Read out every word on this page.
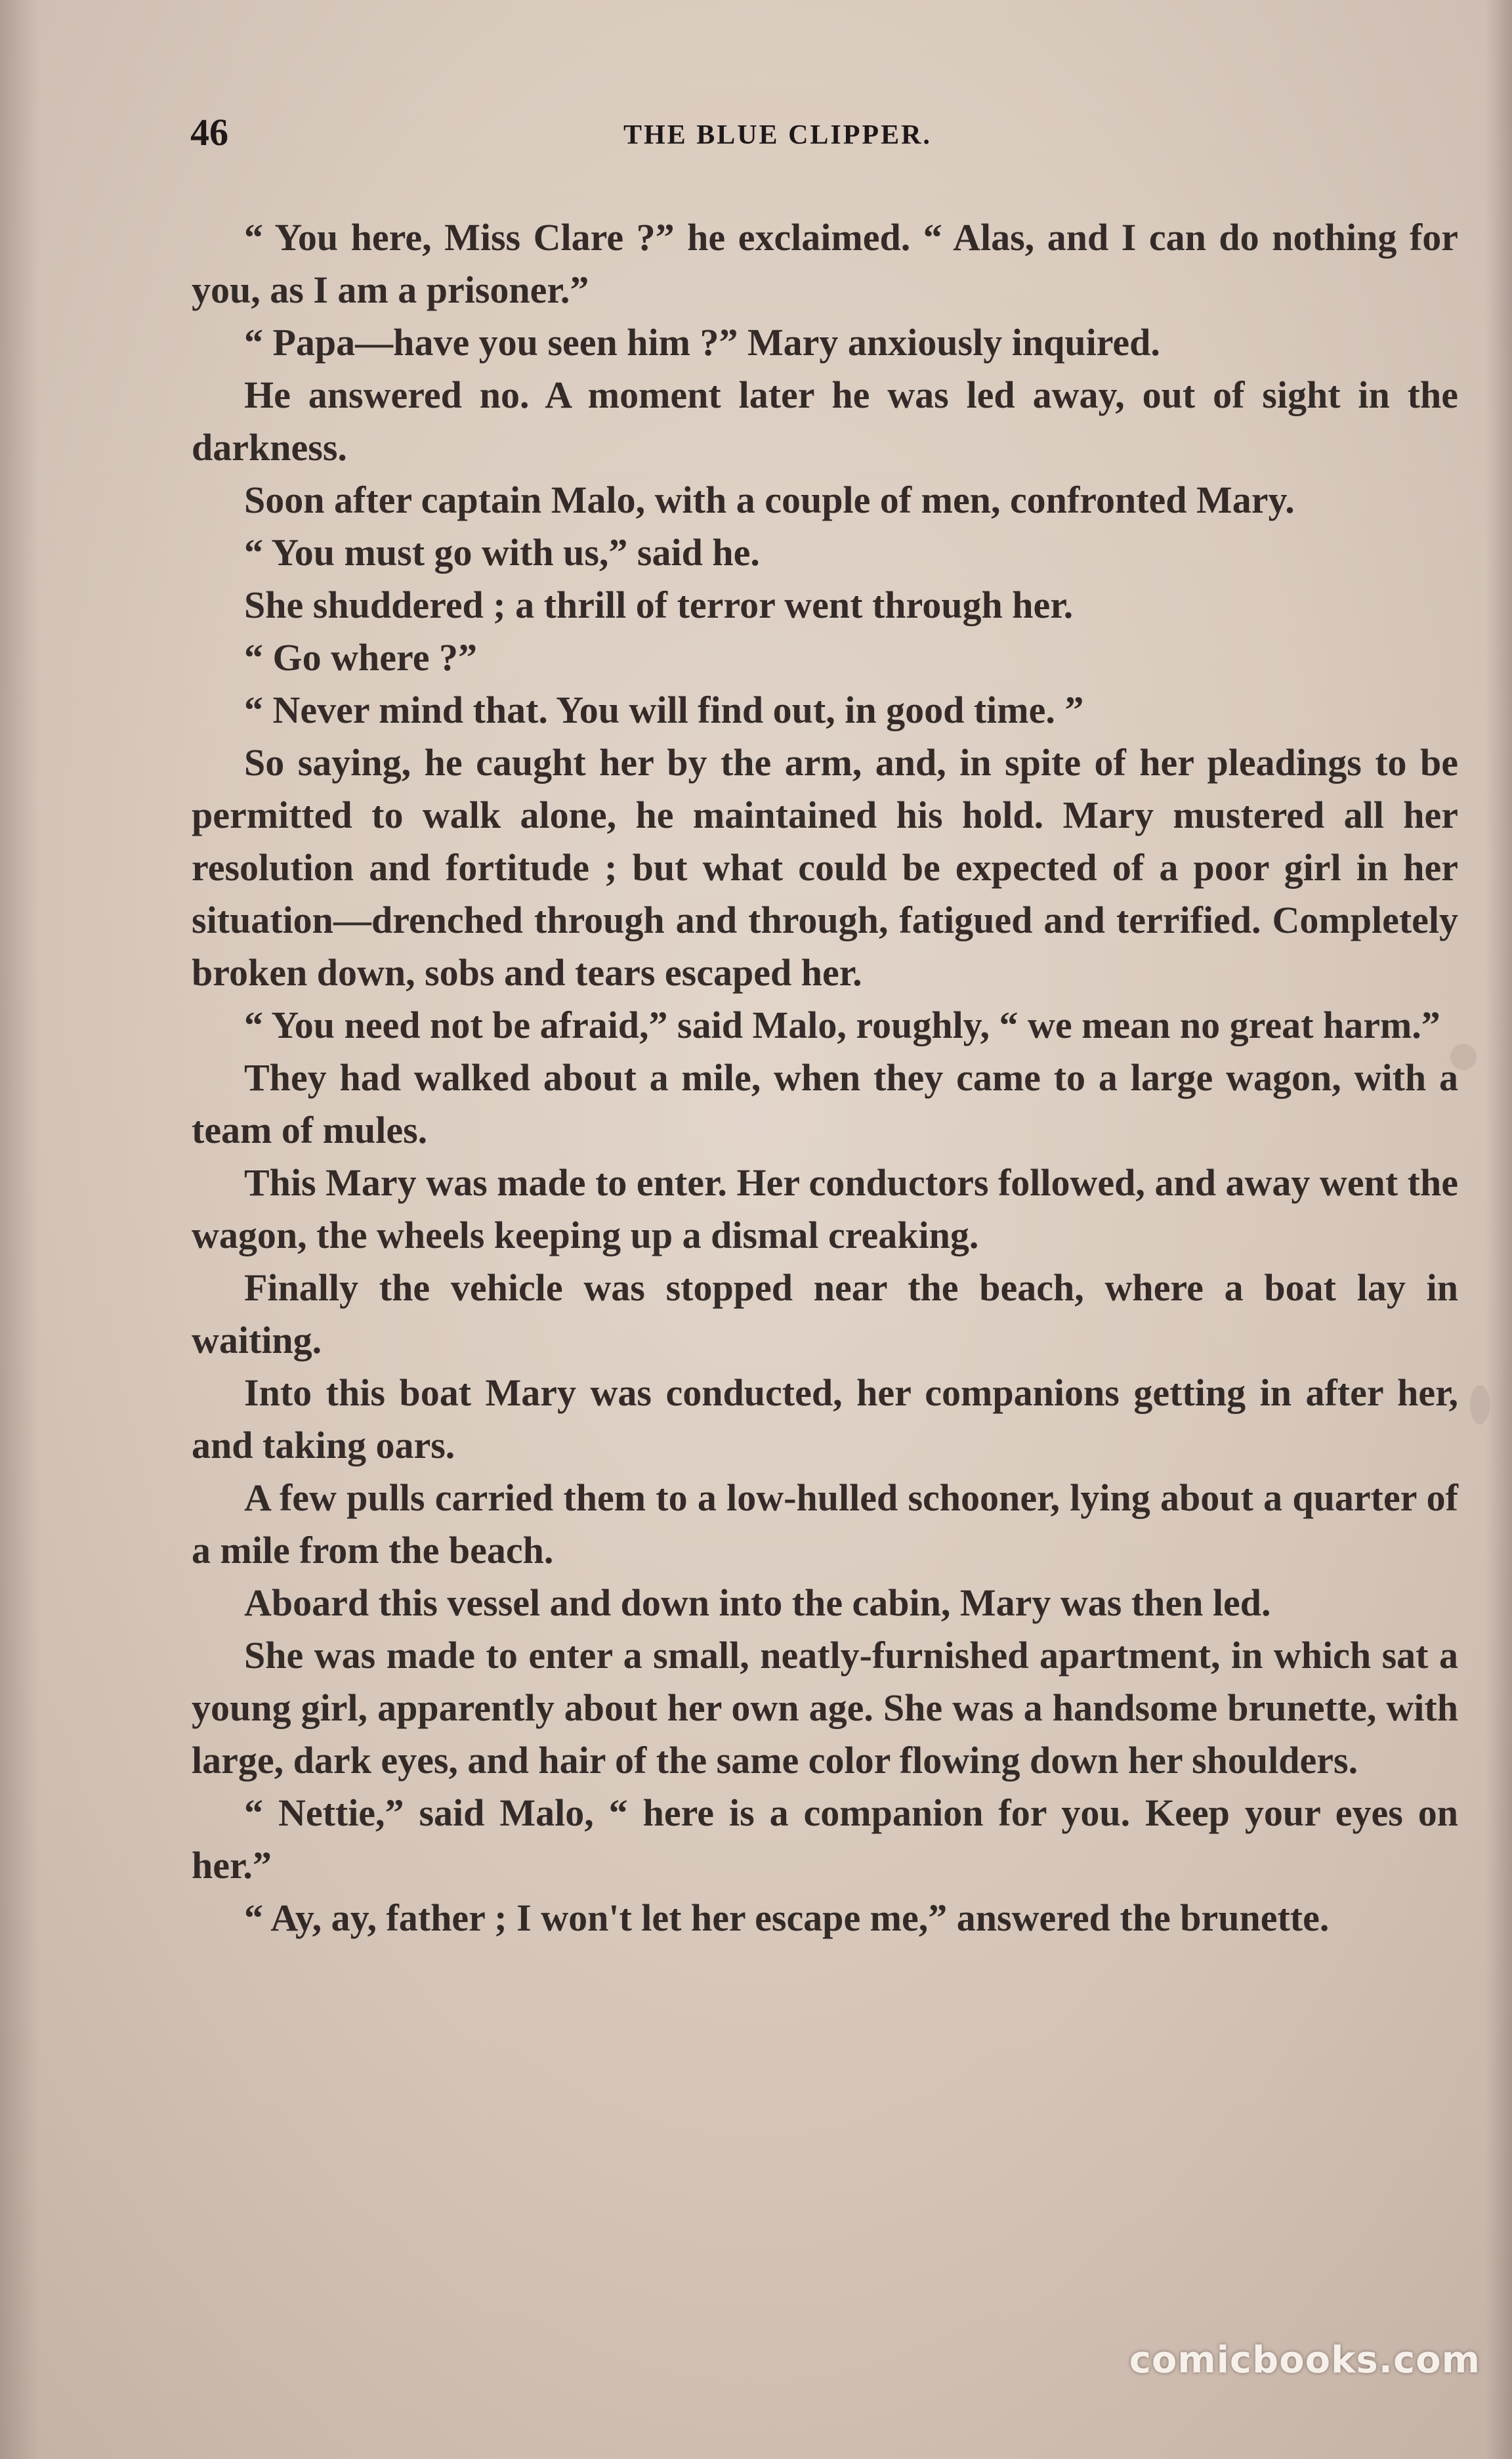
46	THE BLUE CLIPPER.

“ You here, Miss Clare ?” he exclaimed. “ Alas, and I can do nothing for you, as I am a prisoner.”

“ Papa—have you seen him ?” Mary anxiously inquired.

He answered no. A moment later he was led away, out of sight in the darkness.

Soon after captain Malo, with a couple of men, confronted Mary.

“ You must go with us,” said he.

She shuddered ; a thrill of terror went through her.

“ Go where ?”

“ Never mind that. You will find out, in good time. ”

So saying, he caught her by the arm, and, in spite of her pleadings to be permitted to walk alone, he maintained his hold. Mary mustered all her resolution and fortitude ; but what could be expected of a poor girl in her situation—drenched through and through, fatigued and terrified. Completely broken down, sobs and tears escaped her.

“ You need not be afraid,” said Malo, roughly, “ we mean no great harm.”

They had walked about a mile, when they came to a large wagon, with a team of mules.

This Mary was made to enter. Her conductors followed, and away went the wagon, the wheels keeping up a dismal creaking.

Finally the vehicle was stopped near the beach, where a boat lay in waiting.

Into this boat Mary was conducted, her companions getting in after her, and taking oars.

A few pulls carried them to a low-hulled schooner, lying about a quarter of a mile from the beach.

Aboard this vessel and down into the cabin, Mary was then led.

She was made to enter a small, neatly-furnished apartment, in which sat a young girl, apparently about her own age. She was a handsome brunette, with large, dark eyes, and hair of the same color flowing down her shoulders.

“ Nettie,” said Malo, “ here is a companion for you. Keep your eyes on her.”

“ Ay, ay, father ; I won't let her escape me,” answered the brunette.

comicbooks.com
